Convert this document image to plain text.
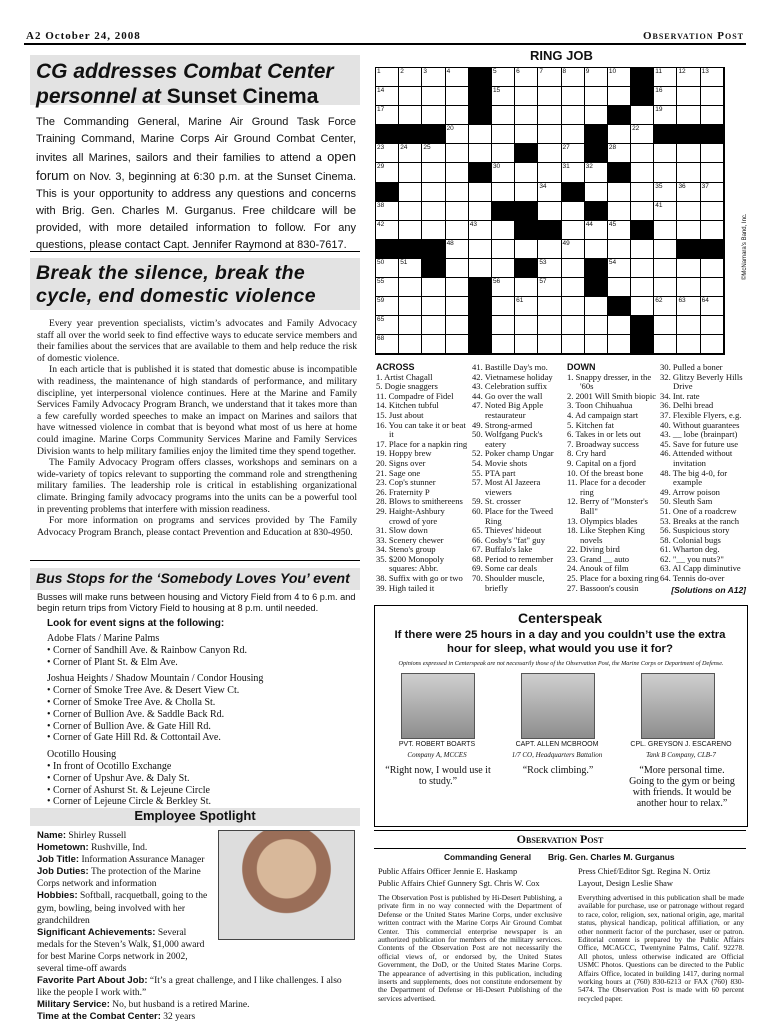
A2 October 24, 2008	Observation Post
CG addresses Combat Center
personnel at Sunset Cinema
The Commanding General, Marine Air Ground Task Force Training Command, Marine Corps Air Ground Combat Center, invites all Marines, sailors and their families to attend a open forum on Nov. 3, beginning at 6:30 p.m. at the Sunset Cinema. This is your opportunity to address any questions and concerns with Brig. Gen. Charles M. Gurganus. Free childcare will be provided, with more detailed information to follow. For any questions, please contact Capt. Jennifer Raymond at 830-7617.
Break the silence, break the cycle, end domestic violence
Every year prevention specialists, victim’s advocates and Family Advocacy staff all over the world seek to find effective ways to educate service members and their families about the services that are available to them and help reduce the risk of domestic violence.
In each article that is published it is stated that domestic abuse is incompatible with readiness, the maintenance of high standards of performance, and military discipline, yet interpersonal violence continues. Here at the Marine and Family Services Family Advocacy Program Branch, we understand that it takes more than a few carefully worded speeches to make an impact on Marines and sailors that have witnessed violence in combat that is beyond what most of us here at home could imagine. Marine Corps Community Services Marine and Family Services Division wants to help military families enjoy the limited time they spend together.
The Family Advocacy Program offers classes, workshops and seminars on a wide-variety of topics relevant to supporting the command role and strengthening military families. The leadership role is critical in establishing organizational climate. Bringing family advocacy programs into the units can be a powerful tool in preventing problems that interfere with mission readiness.
For more information on programs and services provided by The Family Advocacy Program Branch, please contact Prevention and Education at 830-4950.
Bus Stops for the ‘Somebody Loves You’ event
Busses will make runs between housing and Victory Field from 4 to 6 p.m. and begin return trips from Victory Field to housing at 8 p.m. until needed.
Look for event signs at the following:
Adobe Flats / Marine Palms
• Corner of Sandhill Ave. & Rainbow Canyon Rd.
• Corner of Plant St. & Elm Ave.
Joshua Heights / Shadow Mountain / Condor Housing
• Corner of Smoke Tree Ave. & Desert View Ct.
• Corner of Smoke Tree Ave. & Cholla St.
• Corner of Bullion Ave. & Saddle Back Rd.
• Corner of Bullion Ave. & Gate Hill Rd.
• Corner of Gate Hill Rd. & Cottontail Ave.
Ocotillo Housing
• In front of Ocotillo Exchange
• Corner of Upshur Ave. & Daly St.
• Corner of Ashurst St. & Lejeune Circle
• Corner of Lejeune Circle & Berkley St.
Employee Spotlight
Name: Shirley Russell
Hometown: Rushville, Ind.
Job Title: Information Assurance Manager
Job Duties: The protection of the Marine Corps network and information
Hobbies: Softball, racquetball, going to the gym, bowling, being involved with her grandchildren
Significant Achievements: Several medals for the Steven’s Walk, $1,000 award for best Marine Corps network in 2002, several time-off awards
Favorite Part About Job: “It’s a great challenge, and I like challenges. I also like the people I work with.”
Military Service: No, but husband is a retired Marine.
Time at the Combat Center: 32 years
RING JOB
1	2	3	4	5	6	7	8	9	10	11	12 13
14	15	16
17	19
20	22
23 24 25	27	28
29	30	31 32
34	35 36 37
38	41
42	43	44 45
48	49
50 51	53	54
55	56	57
59	61	62 63 64
65
68
©McNamara's Band, Inc.
ACROSS
1. Artist Chagall
5. Dogie snaggers
11. Compadre of Fidel
14. Kitchen tubful
15. Just about
16. You can take it or beat it
17. Place for a napkin ring
19. Hoppy brew
20. Signs over
21. Sage one
23. Cop's stunner
26. Fraternity P
28. Blows to smithereens
29. Haight-Ashbury crowd of yore
31. Slow down
33. Scenery chewer
34. Steno's group
35. $200 Monopoly squares: Abbr.
38. Suffix with go or two
39. High tailed it
41. Bastille Day's mo.
42. Vietnamese holiday
43. Celebration suffix
44. Go over the wall
47. Noted Big Apple restaurateur
49. Strong-armed
50. Wolfgang Puck's eatery
52. Poker champ Ungar
54. Movie shots
55. PTA part
57. Most Al Jazeera viewers
59. St. crosser
60. Place for the Tweed Ring
65. Thieves' hideout
66. Cosby's "fat" guy
67. Buffalo's lake
68. Period to remember
69. Some car deals
70. Shoulder muscle, briefly
DOWN
1. Snappy dresser, in the '60s
2. 2001 Will Smith biopic
3. Toon Chihuahua
4. Ad campaign start
5. Kitchen fat
6. Takes in or lets out
7. Broadway success
8. Cry hard
9. Capital on a fjord
10. Of the breast bone
11. Place for a decoder ring
12. Berry of "Monster's Ball"
13. Olympics blades
18. Like Stephen King novels
22. Diving bird
23. Grand __ auto
24. Anouk of film
25. Place for a boxing ring
27. Bassoon's cousin
30. Pulled a boner
32. Glitzy Beverly Hills Drive
34. Int. rate
36. Delhi bread
37. Flexible Flyers, e.g.
40. Without guarantees
43. __ lobe (brainpart)
45. Save for future use
46. Attended without invitation
48. The big 4-0, for example
49. Arrow poison
50. Sleuth Sam
51. One of a roadcrew
53. Breaks at the ranch
56. Suspicious story
58. Colonial bugs
61. Wharton deg.
62. "__ you nuts?"
63. Al Capp diminutive
64. Tennis do-over
[Solutions on A12]
Centerspeak
If there were 25 hours in a day and you couldn’t use the extra hour for sleep, what would you use it for?
Opinions expressed in Centerspeak are not necessarily those of the Observation Post, the Marine Corps or Department of Defense.
PVT. ROBERT BOARTS
Company A, MCCES
“Right now, I would use it to study.”
CAPT. ALLEN MCBROOM
1/7 CO, Headquarters Battalion
“Rock climbing.”
CPL. GREYSON J. ESCARENO
Tank B Company, CLB-7
“More personal time. Going to the gym or being with friends. It would be another hour to relax.”
Observation Post
Commanding General Brig. Gen. Charles M. Gurganus
Public Affairs Officer Jennie E. Haskamp
Public Affairs Chief Gunnery Sgt. Chris W. Cox
Press Chief/Editor Sgt. Regina N. Ortiz
Layout, Design Leslie Shaw
The Observation Post is published by Hi-Desert Publishing, a private firm in no way connected with the Department of Defense or the United States Marine Corps, under exclusive written contract with the Marine Corps Air Ground Combat Center. This commercial enterprise newspaper is an authorized publication for members of the military services. Contents of the Observation Post are not necessarily the official views of, or endorsed by, the United States Government, the DoD, or the United States Marine Corps. The appearance of advertising in this publication, including inserts and supplements, does not constitute endorsement by the Department of Defense or Hi-Desert Publishing of the services advertised.
Everything advertised in this publication shall be made available for purchase, use or patronage without regard to race, color, religion, sex, national origin, age, marital status, physical handicap, political affiliation, or any other nonmerit factor of the purchaser, user or patron. Editorial content is prepared by the Public Affairs Office, MCAGCC, Twentynine Palms, Calif. 92278. All photos, unless otherwise indicated are Official USMC Photos. Questions can be directed to the Public Affairs Office, located in building 1417, during normal working hours at (760) 830-6213 or FAX (760) 830-5474. The Observation Post is made with 60 percent recycled paper.
